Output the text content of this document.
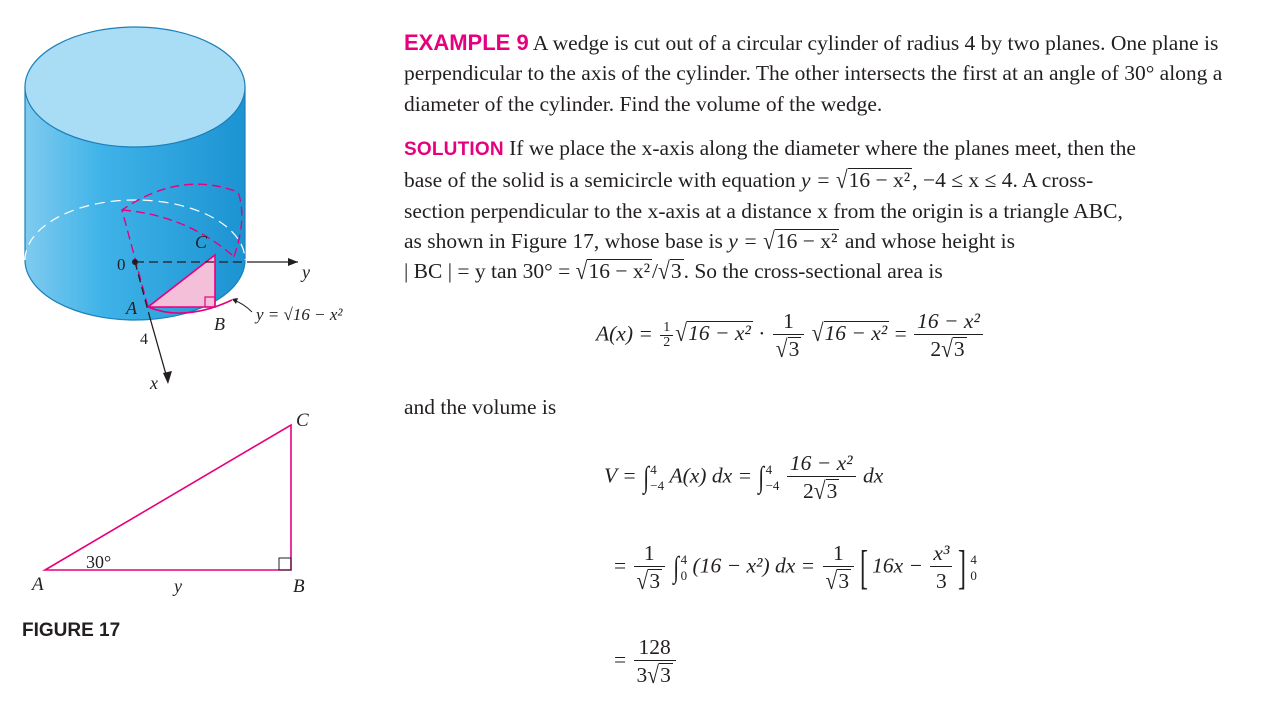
0	y
x
4
A
B
C
y = √16 − x²
A	B
C
30°
y
FIGURE 17
EXAMPLE 9 A wedge is cut out of a circular cylinder of radius 4 by two planes. One plane is perpendicular to the axis of the cylinder. The other intersects the first at an angle of 30° along a diameter of the cylinder. Find the volume of the wedge.
SOLUTION If we place the x-axis along the diameter where the planes meet, then the
base of the solid is a semicircle with equation y = √16 − x², −4 ≤ x ≤ 4. A cross-
section perpendicular to the x-axis at a distance x from the origin is a triangle ABC,
as shown in Figure 17, whose base is y = √16 − x² and whose height is
| BC | = y tan 30° = √16 − x²/√3. So the cross-sectional area is
$A(x) = \frac{1}{2} √16 - x^2 \cdot \frac{1}{√3} √16 - x^2 = \frac{\text{16 − x²}}{2√3}$
and the volume is
V = ∫ 4
−4 A(x) dx = ∫ 4
−4
$\frac{\text{16 − x²}}{2√3}$ dx
= $\frac{1}{√3}$ ∫ 4
0 (16 − x²) dx = $\frac{1}{√3}$ [ $16x - \frac{\text{x³}}{3}$ ] 4
0
= $\frac{128}{3√3}$
